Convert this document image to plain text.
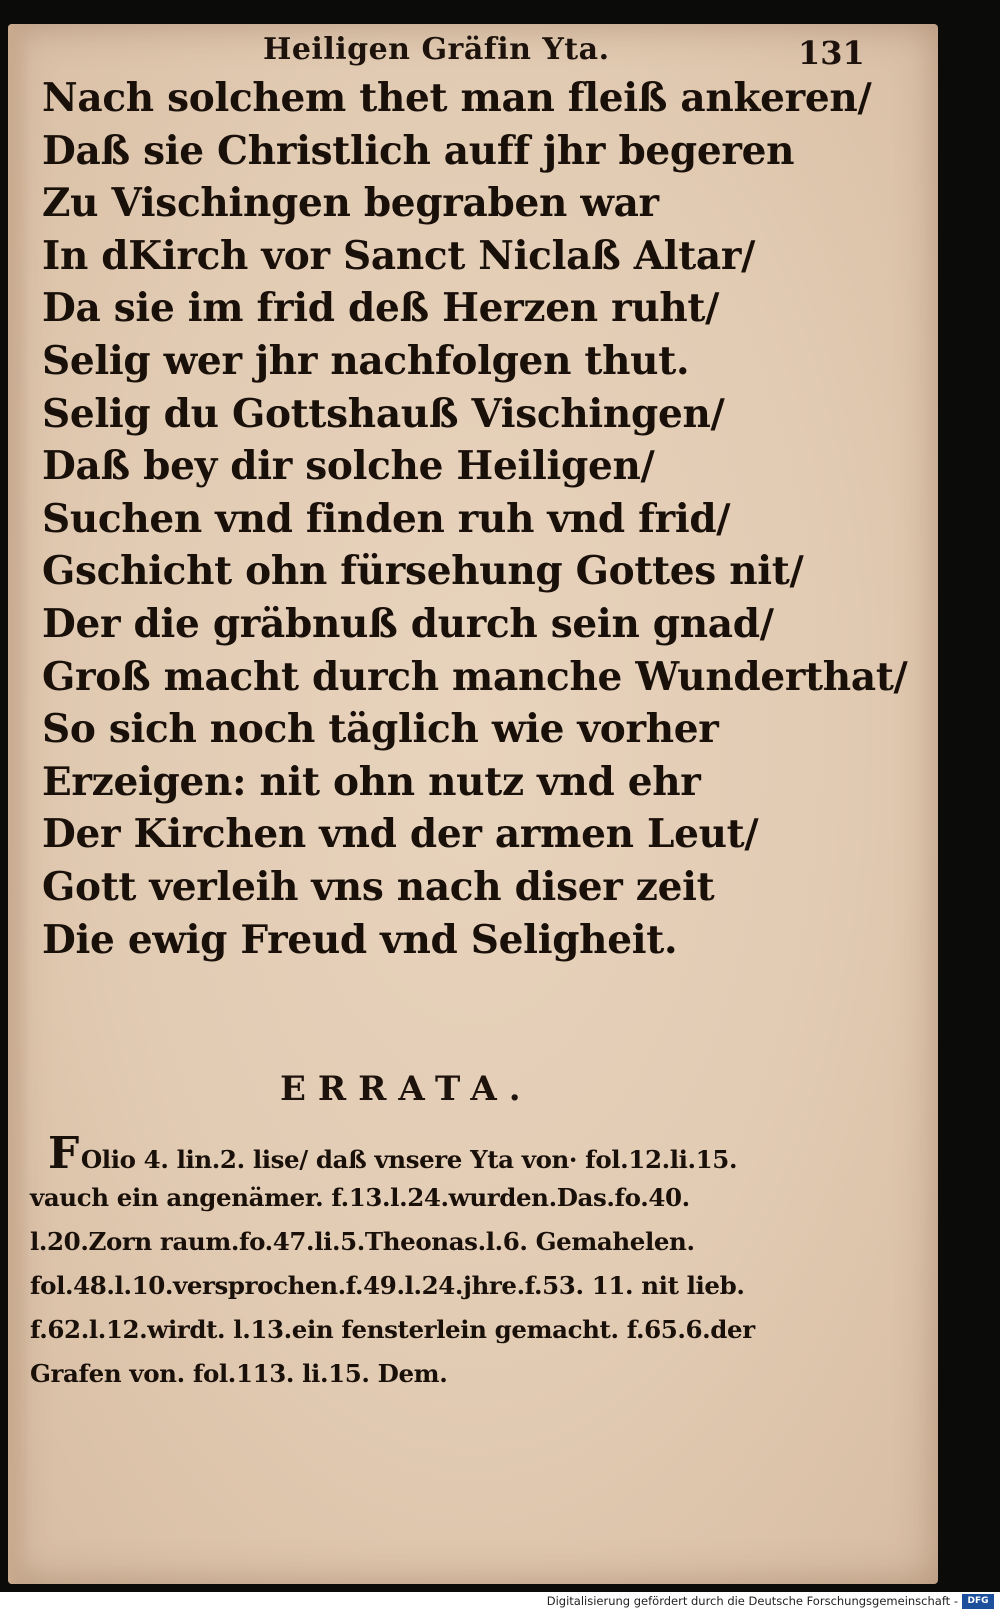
Heiligen Gräfin Yta.	131
Nach solchem thet man fleiß ankeren/
Daß sie Christlich auff jhr begeren
Zu Vischingen begraben war
In dKirch vor Sanct Niclaß Altar/
Da sie im frid deß Herzen ruht/
Selig wer jhr nachfolgen thut.
Selig du Gottshauß Vischingen/
Daß bey dir solche Heiligen/
Suchen vnd finden ruh vnd frid/
Gschicht ohn fürsehung Gottes nit/
Der die gräbnuß durch sein gnad/
Groß macht durch manche Wunderthat/
So sich noch täglich wie vorher
Erzeigen: nit ohn nutz vnd ehr
Der Kirchen vnd der armen Leut/
Gott verleih vns nach diser zeit
Die ewig Freud vnd Seligheit.
ERRATA.
FOlio 4. lin.2. lise/ daß vnsere Yta von· fol.12.li.15.
vauch ein angenämer. f.13.l.24.wurden.Das.fo.40.
l.20.Zorn raum.fo.47.li.5.Theonas.l.6. Gemahelen.
fol.48.l.10.versprochen.f.49.l.24.jhre.f.53. 11. nit lieb.
f.62.l.12.wirdt. l.13.ein fensterlein gemacht. f.65.6.der
Grafen von. fol.113. li.15. Dem.
Digitalisierung gefördert durch die Deutsche Forschungsgemeinschaft -	DFG
